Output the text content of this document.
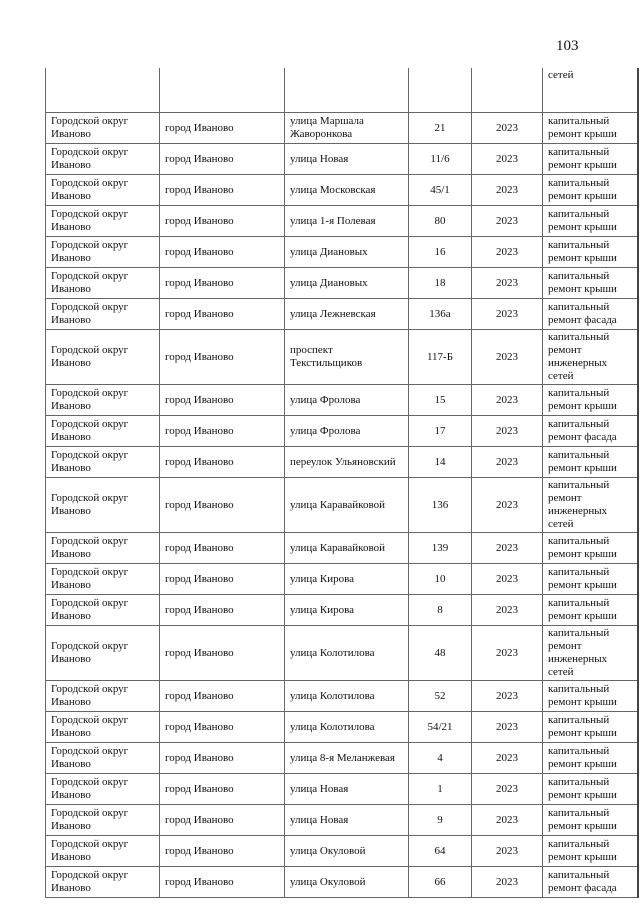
103
					сетей
Городской округ Иваново	город Иваново	улица Маршала Жаворонкова	21	2023	капитальный ремонт крыши
Городской округ Иваново	город Иваново	улица Новая	11/6	2023	капитальный ремонт крыши
Городской округ Иваново	город Иваново	улица Московская	45/1	2023	капитальный ремонт крыши
Городской округ Иваново	город Иваново	улица 1-я Полевая	80	2023	капитальный ремонт крыши
Городской округ Иваново	город Иваново	улица Диановых	16	2023	капитальный ремонт крыши
Городской округ Иваново	город Иваново	улица Диановых	18	2023	капитальный ремонт крыши
Городской округ Иваново	город Иваново	улица Лежневская	136а	2023	капитальный ремонт фасада
Городской округ Иваново	город Иваново	проспект Текстильщиков	117-Б	2023	капитальный ремонт инженерных сетей
Городской округ Иваново	город Иваново	улица Фролова	15	2023	капитальный ремонт крыши
Городской округ Иваново	город Иваново	улица Фролова	17	2023	капитальный ремонт фасада
Городской округ Иваново	город Иваново	переулок Ульяновский	14	2023	капитальный ремонт крыши
Городской округ Иваново	город Иваново	улица Каравайковой	136	2023	капитальный ремонт инженерных сетей
Городской округ Иваново	город Иваново	улица Каравайковой	139	2023	капитальный ремонт крыши
Городской округ Иваново	город Иваново	улица Кирова	10	2023	капитальный ремонт крыши
Городской округ Иваново	город Иваново	улица Кирова	8	2023	капитальный ремонт крыши
Городской округ Иваново	город Иваново	улица Колотилова	48	2023	капитальный ремонт инженерных сетей
Городской округ Иваново	город Иваново	улица Колотилова	52	2023	капитальный ремонт крыши
Городской округ Иваново	город Иваново	улица Колотилова	54/21	2023	капитальный ремонт крыши
Городской округ Иваново	город Иваново	улица 8-я Меланжевая	4	2023	капитальный ремонт крыши
Городской округ Иваново	город Иваново	улица Новая	1	2023	капитальный ремонт крыши
Городской округ Иваново	город Иваново	улица Новая	9	2023	капитальный ремонт крыши
Городской округ Иваново	город Иваново	улица Окуловой	64	2023	капитальный ремонт крыши
Городской округ Иваново	город Иваново	улица Окуловой	66	2023	капитальный ремонт фасада
